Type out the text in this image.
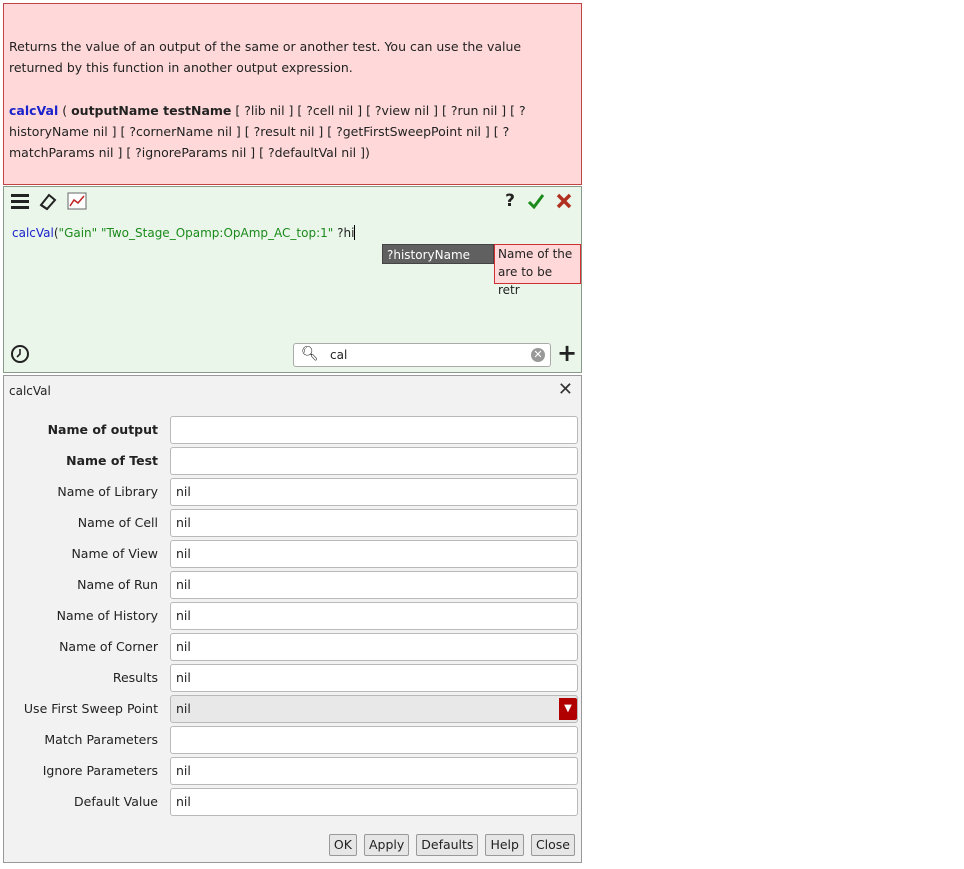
Returns the value of an output of the same or another test. You can use the value returned by this function in another output expression.

calcVal ( outputName testName [ ?lib nil ] [ ?cell nil ] [ ?view nil ] [ ?run nil ] [ ?historyName nil ] [ ?cornerName nil ] [ ?result nil ] [ ?getFirstSweepPoint nil ] [ ?matchParams nil ] [ ?ignoreParams nil ] [ ?defaultVal nil ])

?
calcVal("Gain" "Two_Stage_Opamp:OpAmp_AC_top:1" ?hi
?historyName	Name of the are to be retr
🔍︎ cal	✕ +
calcVal	✕
Name of output
Name of Test
Name of Library	nil
Name of Cell	nil
Name of View	nil
Name of Run	nil
Name of History	nil
Name of Corner	nil
Results	nil
Use First Sweep Point	nil	▼
Match Parameters
Ignore Parameters	nil
Default Value	nil
OK	Apply	Defaults	Help	Close
